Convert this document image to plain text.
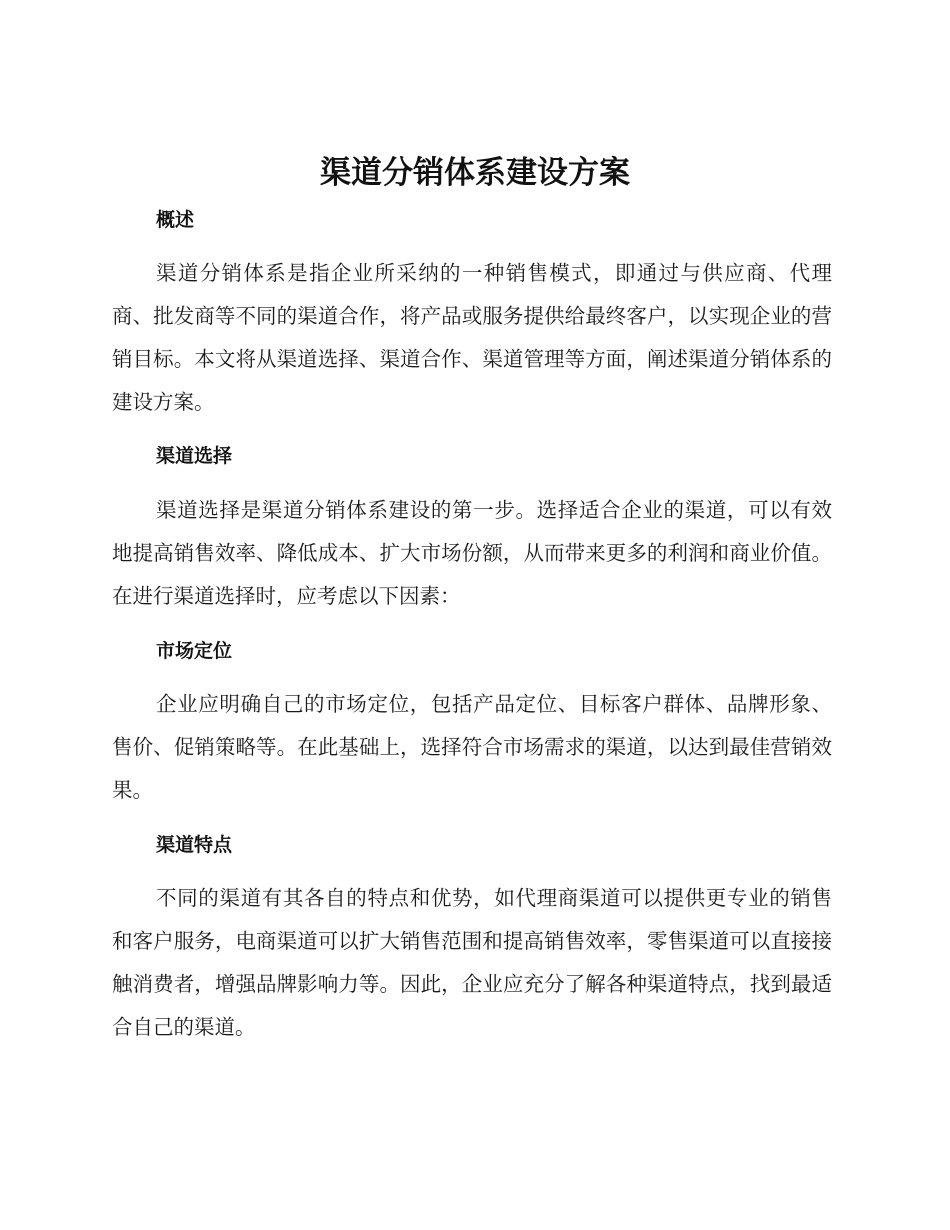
渠道分销体系建设方案
概述

渠道分销体系是指企业所采纳的一种销售模式，即通过与供应商、代理商、批发商等不同的渠道合作，将产品或服务提供给最终客户，以实现企业的营销目标。本文将从渠道选择、渠道合作、渠道管理等方面，阐述渠道分销体系的建设方案。

渠道选择

渠道选择是渠道分销体系建设的第一步。选择适合企业的渠道，可以有效地提高销售效率、降低成本、扩大市场份额，从而带来更多的利润和商业价值。在进行渠道选择时，应考虑以下因素：

市场定位

企业应明确自己的市场定位，包括产品定位、目标客户群体、品牌形象、售价、促销策略等。在此基础上，选择符合市场需求的渠道，以达到最佳营销效果。

渠道特点

不同的渠道有其各自的特点和优势，如代理商渠道可以提供更专业的销售和客户服务，电商渠道可以扩大销售范围和提高销售效率，零售渠道可以直接接触消费者，增强品牌影响力等。因此，企业应充分了解各种渠道特点，找到最适合自己的渠道。
